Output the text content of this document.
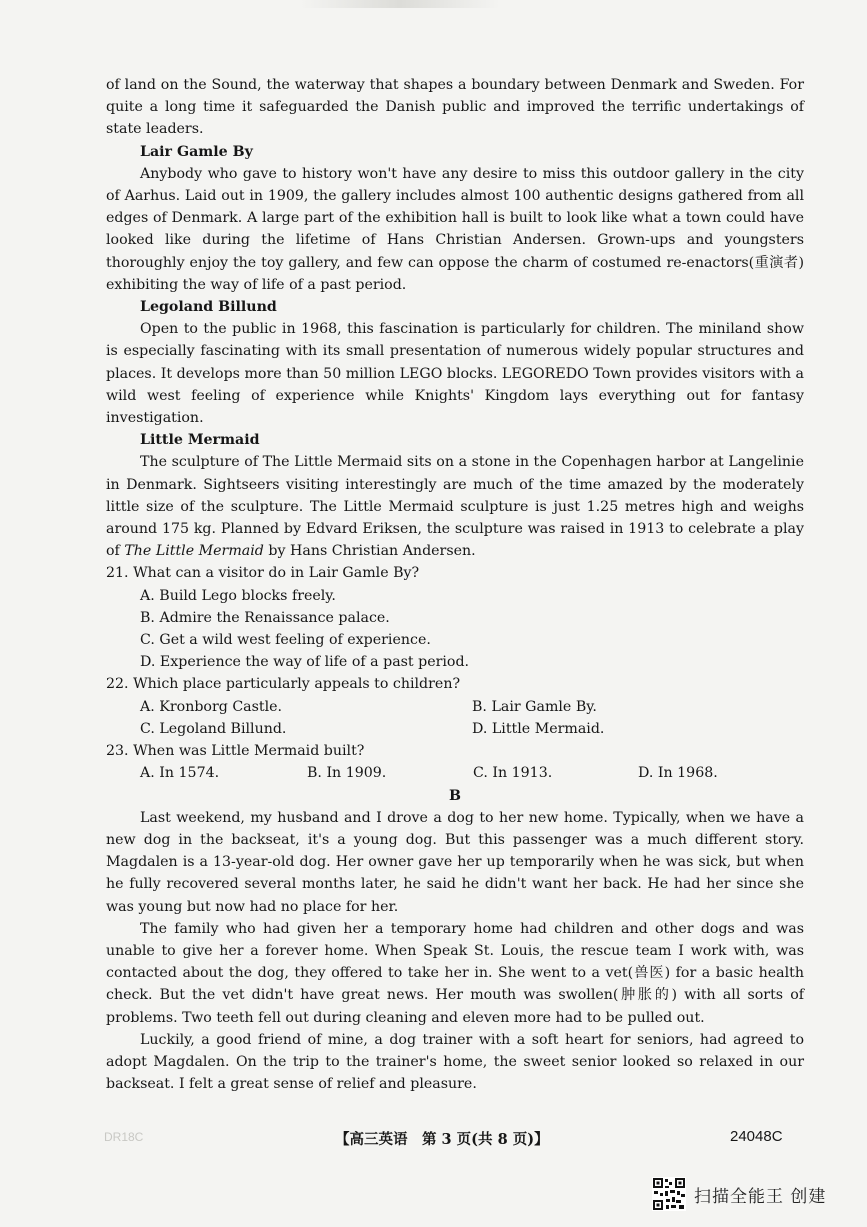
of land on the Sound, the waterway that shapes a boundary between Denmark and Sweden. For quite a long time it safeguarded the Danish public and improved the terrific undertakings of state leaders.

Lair Gamle By

Anybody who gave to history won't have any desire to miss this outdoor gallery in the city of Aarhus. Laid out in 1909, the gallery includes almost 100 authentic designs gathered from all edges of Denmark. A large part of the exhibition hall is built to look like what a town could have looked like during the lifetime of Hans Christian Andersen. Grown-ups and youngsters thoroughly enjoy the toy gallery, and few can oppose the charm of costumed re-enactors(重演者) exhibiting the way of life of a past period.

Legoland Billund

Open to the public in 1968, this fascination is particularly for children. The miniland show is especially fascinating with its small presentation of numerous widely popular structures and places. It develops more than 50 million LEGO blocks. LEGOREDO Town provides visitors with a wild west feeling of experience while Knights' Kingdom lays everything out for fantasy investigation.

Little Mermaid

The sculpture of The Little Mermaid sits on a stone in the Copenhagen harbor at Langelinie in Denmark. Sightseers visiting interestingly are much of the time amazed by the moderately little size of the sculpture. The Little Mermaid sculpture is just 1.25 metres high and weighs around 175 kg. Planned by Edvard Eriksen, the sculpture was raised in 1913 to celebrate a play of The Little Mermaid by Hans Christian Andersen.

21. What can a visitor do in Lair Gamle By?

A. Build Lego blocks freely.

B. Admire the Renaissance palace.

C. Get a wild west feeling of experience.

D. Experience the way of life of a past period.

22. Which place particularly appeals to children?

A. Kronborg Castle.	B. Lair Gamle By.
C. Legoland Billund.	D. Little Mermaid.

23. When was Little Mermaid built?

A. In 1574.	B. In 1909.	C. In 1913.	D. In 1968.

B

Last weekend, my husband and I drove a dog to her new home. Typically, when we have a new dog in the backseat, it's a young dog. But this passenger was a much different story. Magdalen is a 13-year-old dog. Her owner gave her up temporarily when he was sick, but when he fully recovered several months later, he said he didn't want her back. He had her since she was young but now had no place for her.

The family who had given her a temporary home had children and other dogs and was unable to give her a forever home. When Speak St. Louis, the rescue team I work with, was contacted about the dog, they offered to take her in. She went to a vet(兽医) for a basic health check. But the vet didn't have great news. Her mouth was swollen(肿胀的) with all sorts of problems. Two teeth fell out during cleaning and eleven more had to be pulled out.

Luckily, a good friend of mine, a dog trainer with a soft heart for seniors, had agreed to adopt Magdalen. On the trip to the trainer's home, the sweet senior looked so relaxed in our backseat. I felt a great sense of relief and pleasure.

DR18C	【高三英语　第 3 页(共 8 页)】	24048C
扫描全能王 创建
